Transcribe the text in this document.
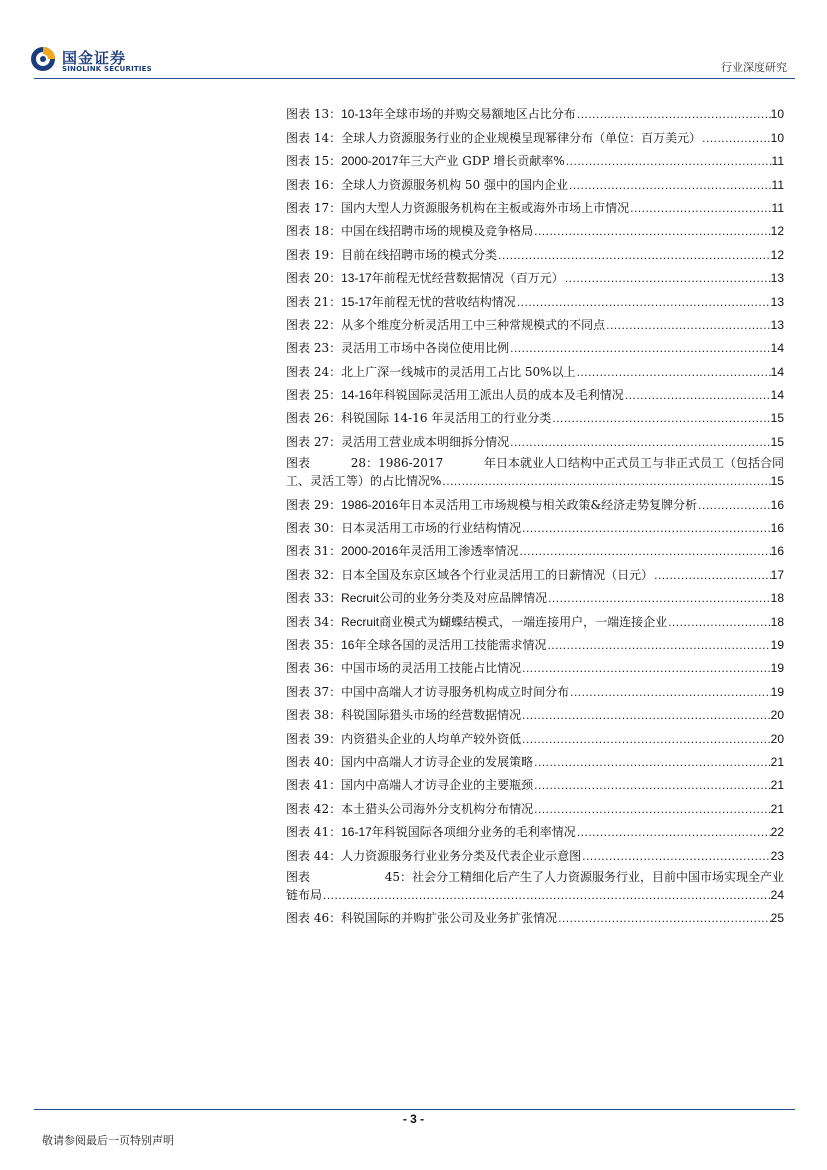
国金证券
SINOLINK SECURITIES	行业深度研究
图表 13：10-13年全球市场的并购交易额地区占比分布 .....	10
图表 14：全球人力资源服务行业的企业规模呈现幂律分布（单位：百万美元） .....	10
图表 15：2000-2017年三大产业 GDP 增长贡献率% .....	11
图表 16：全球人力资源服务机构 50 强中的国内企业 .....	11
图表 17：国内大型人力资源服务机构在主板或海外市场上市情况 .....	11
图表 18：中国在线招聘市场的规模及竞争格局 .....	12
图表 19：目前在线招聘市场的模式分类 .....	12
图表 20：13-17年前程无忧经营数据情况（百万元） .....	13
图表 21：15-17年前程无忧的营收结构情况 .....	13
图表 22：从多个维度分析灵活用工中三种常规模式的不同点 .....	13
图表 23：灵活用工市场中各岗位使用比例 .....	14
图表 24：北上广深一线城市的灵活用工占比 50%以上 .....	14
图表 25：14-16年科锐国际灵活用工派出人员的成本及毛利情况 .....	14
图表 26：科锐国际 14-16 年灵活用工的行业分类 .....	15
图表 27：灵活用工营业成本明细拆分情况 .....	15
图表	28：1986-2017	年日本就业人口结构中正式员工与非正式员工（包括合同
工、灵活工等）的占比情况% .....	15
图表 29：1986-2016年日本灵活用工市场规模与相关政策&经济走势复牌分析 .....	16
图表 30：日本灵活用工市场的行业结构情况 .....	16
图表 31：2000-2016年灵活用工渗透率情况 .....	16
图表 32：日本全国及东京区域各个行业灵活用工的日薪情况（日元） .....	17
图表 33：Recruit公司的业务分类及对应品牌情况 .....	18
图表 34：Recruit商业模式为蝴蝶结模式，一端连接用户，一端连接企业 .....	18
图表 35：16年全球各国的灵活用工技能需求情况 .....	19
图表 36：中国市场的灵活用工技能占比情况 .....	19
图表 37：中国中高端人才访寻服务机构成立时间分布 .....	19
图表 38：科锐国际猎头市场的经营数据情况 .....	20
图表 39：内资猎头企业的人均单产较外资低 .....	20
图表 40：国内中高端人才访寻企业的发展策略 .....	21
图表 41：国内中高端人才访寻企业的主要瓶颈 .....	21
图表 42：本土猎头公司海外分支机构分布情况 .....	21
图表 41：16-17年科锐国际各项细分业务的毛利率情况 .....	22
图表 44：人力资源服务行业业务分类及代表企业示意图 .....	23
图表	45：社会分工精细化后产生了人力资源服务行业，目前中国市场实现全产业
链布局 .....	24
图表 46：科锐国际的并购扩张公司及业务扩张情况 .....	25
- 3 -
敬请参阅最后一页特别声明
